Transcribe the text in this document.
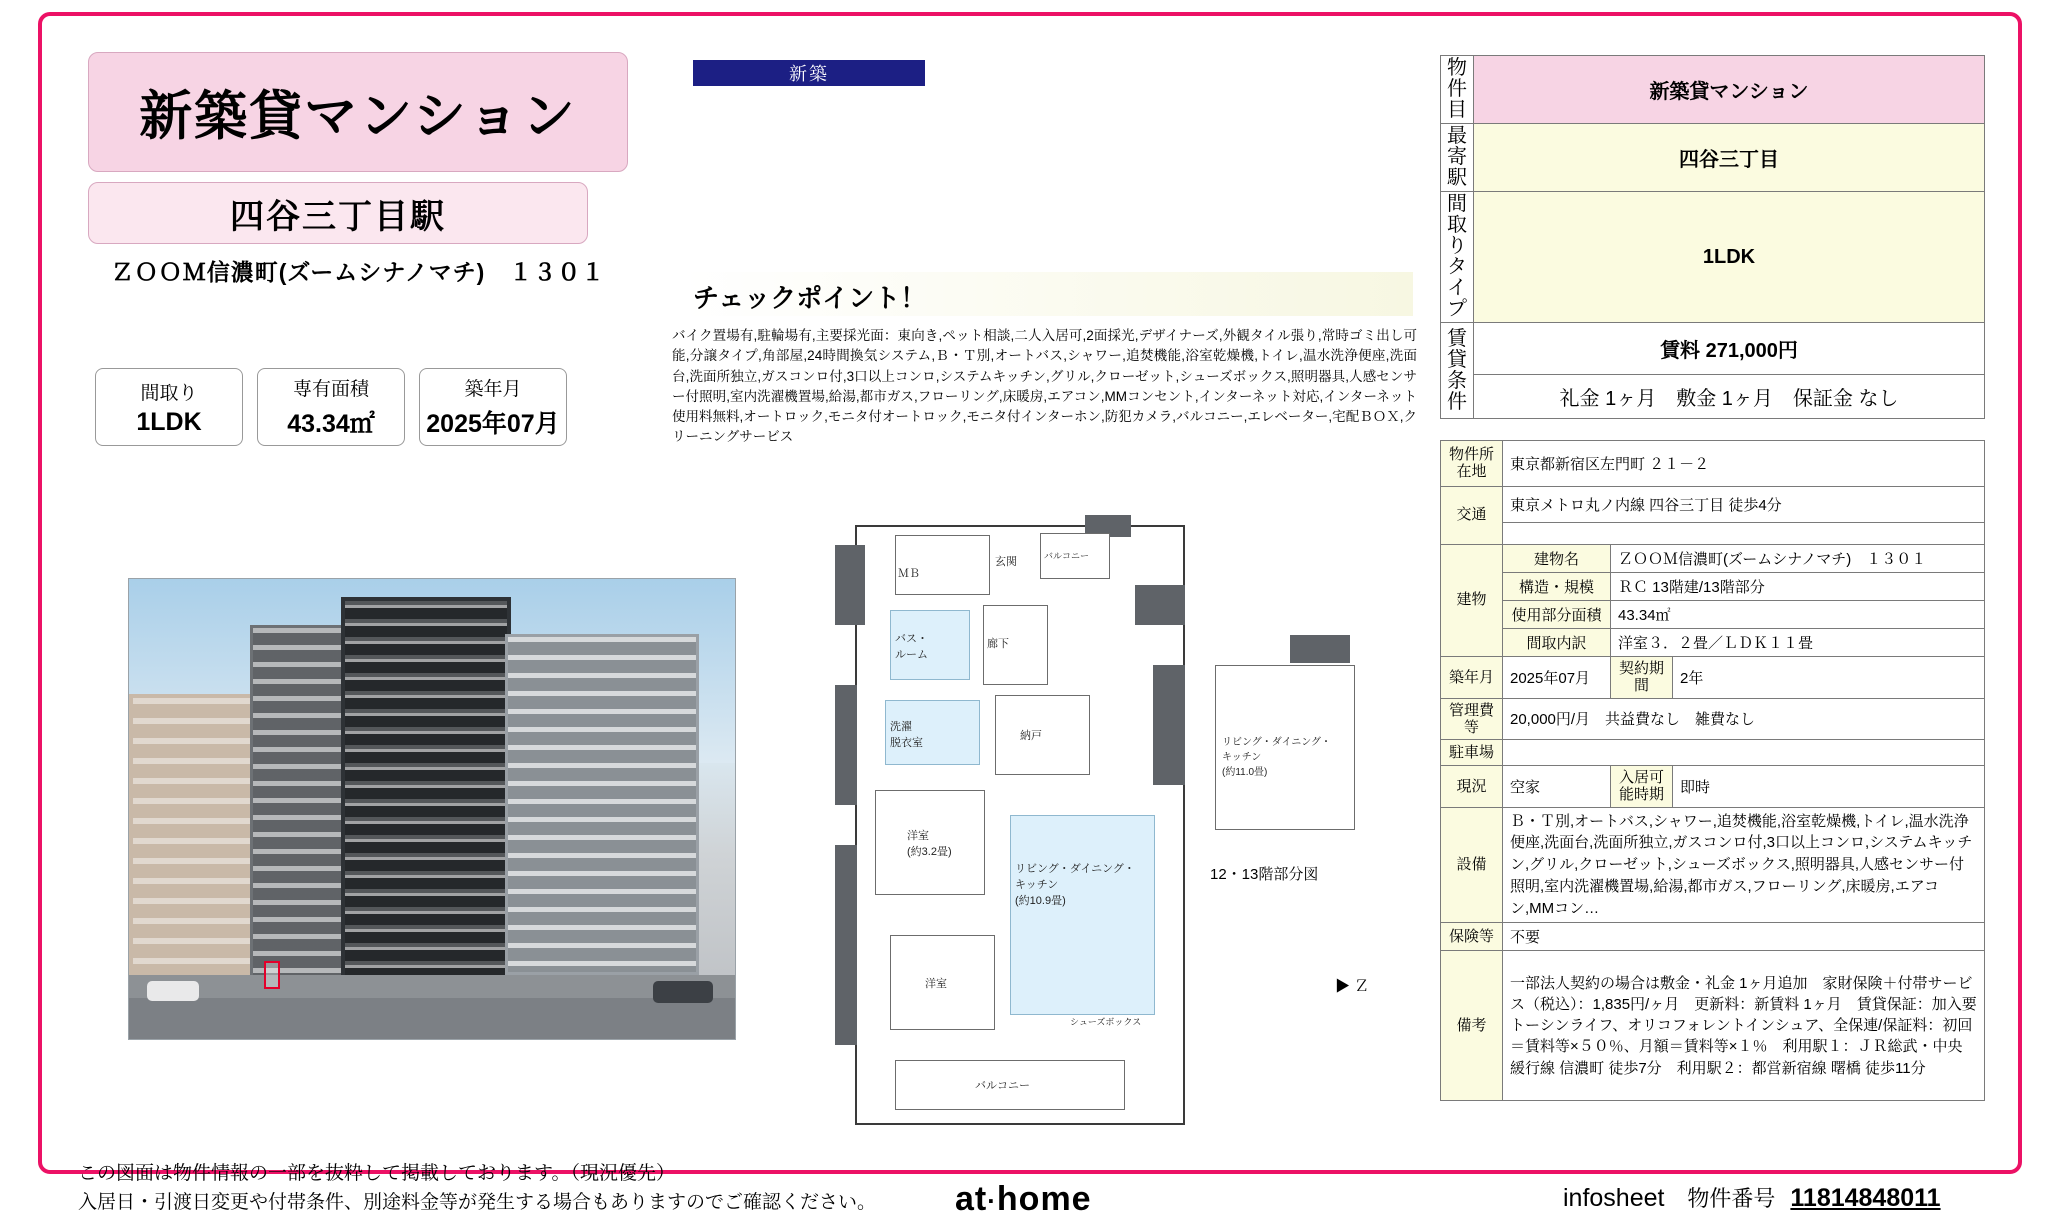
新築貸マンション
四谷三丁目駅
ＺＯＯＭ信濃町(ズームシナノマチ)　１３０１
間取り
1LDK
専有面積
43.34㎡
築年月
2025年07月
新築
チェックポイント！
バイク置場有,駐輪場有,主要採光面：東向き,ペット相談,二人入居可,2面採光,デザイナーズ,外観タイル張り,常時ゴミ出し可能,分譲タイプ,角部屋,24時間換気システム,Ｂ・Ｔ別,オートバス,シャワー,追焚機能,浴室乾燥機,トイレ,温水洗浄便座,洗面台,洗面所独立,ガスコンロ付,3口以上コンロ,システムキッチン,グリル,クローゼット,シューズボックス,照明器具,人感センサー付照明,室内洗濯機置場,給湯,都市ガス,フローリング,床暖房,エアコン,MMコンセント,インターネット対応,インターネット使用料無料,オートロック,モニタ付オートロック,モニタ付インターホン,防犯カメラ,バルコニー,エレベーター,宅配ＢＯＸ,クリーニングサービス
玄関
ＭＢ
バルコニー
バス・
ルーム
廊下
洗濯
脱衣室
納戸
洋室
(約3.2畳)
リビング・ダイニング・
キッチン
(約10.9畳)
洋室
バルコニー
シューズボックス
リビング・ダイニング・
キッチン
(約11.0畳)
12・13階部分図
▶ Ｚ
物件目	新築貸マンション
最寄駅	四谷三丁目
間取りタイプ	1LDK
賃貸条件	賃料 271,000円
	礼金 1ヶ月　敷金 1ヶ月　保証金 なし
物件所在地	東京都新宿区左門町 ２１－２		
交通	東京メトロ丸ノ内線 四谷三丁目 徒歩4分		

建物	建物名	ＺＯＯＭ信濃町(ズームシナノマチ)　１３０１	
	構造・規模	ＲＣ 13階建/13階部分	
	使用部分面積	43.34㎡	
	間取内訳	洋室３．２畳／ＬＤＫ１１畳	
築年月	2025年07月	契約期間	2年
管理費等	20,000円/月　共益費なし　雑費なし		
駐車場			
現況	空家	入居可能時期	即時
設備	Ｂ・Ｔ別,オートバス,シャワー,追焚機能,浴室乾燥機,トイレ,温水洗浄便座,洗面台,洗面所独立,ガスコンロ付,3口以上コンロ,システムキッチン,グリル,クローゼット,シューズボックス,照明器具,人感センサー付照明,室内洗濯機置場,給湯,都市ガス,フローリング,床暖房,エアコン,MMコン…		
保険等	不要		
備考	一部法人契約の場合は敷金・礼金 1ヶ月追加　家財保険＋付帯サービス（税込）：1,835円/ヶ月　更新料：新賃料 1ヶ月　賃貸保証：加入要 トーシンライフ、オリコフォレントインシュア、全保連/保証料：初回＝賃料等×５０％、月額＝賃料等×１％　利用駅１：ＪＲ総武・中央緩行線 信濃町 徒歩7分　利用駅２：都営新宿線 曙橋 徒歩11分		
この図面は物件情報の一部を抜粋して掲載しております。（現況優先）
入居日・引渡日変更や付帯条件、別途料金等が発生する場合もありますのでご確認ください。 at·home	infosheet 物件番号 11814848011
